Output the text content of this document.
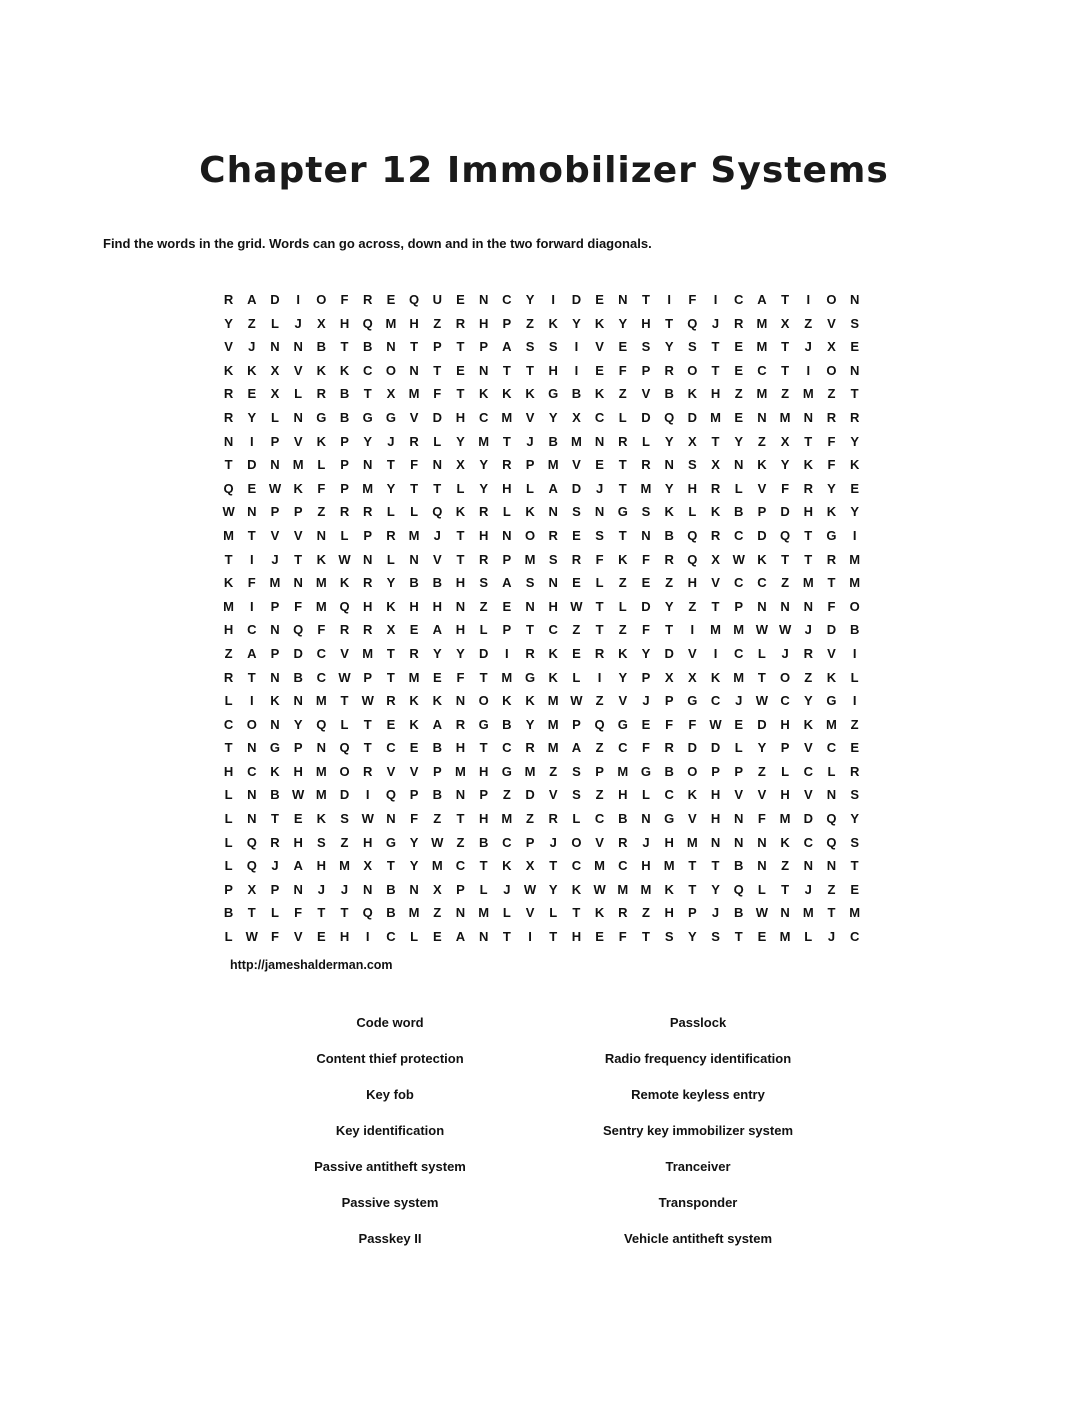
Chapter 12 Immobilizer Systems

Find the words in the grid. Words can go across, down and in the two forward diagonals.

R A D I O F R E Q U E N C Y I D E N T I F I C A T I O N
Y Z L J X H Q M H Z R H P Z K Y K Y H T Q J R M X Z V S
V J N N B T B N T P T P A S S I V E S Y S T E M T J X E
K K X V K K C O N T E N T T H I E F P R O T E C T I O N
R E X L R B T X M F T K K K G B K Z V B K H Z M Z M Z T
R Y L N G B G G V D H C M V Y X C L D Q D M E N M N R R
N I P V K P Y J R L Y M T J B M N R L Y X T Y Z X T F Y
T D N M L P N T F N X Y R P M V E T R N S X N K Y K F K
Q E W K F P M Y T T L Y H L A D J T M Y H R L V F R Y E
W N P P Z R R L L Q K R L K N S N G S K L K B P D H K Y
M T V V N L P R M J T H N O R E S T N B Q R C D Q T G I
T I J T K W N L N V T R P M S R F K F R Q X W K T T R M
K F M N M K R Y B B H S A S N E L Z E Z H V C C Z M T M
M I P F M Q H K H H N Z E N H W T L D Y Z T P N N N F O
H C N Q F R R X E A H L P T C Z T Z F T I M M W W J D B
Z A P D C V M T R Y Y D I R K E R K Y D V I C L J R V I
R T N B C W P T M E F T M G K L I Y P X X K M T O Z K L
L I K N M T W R K K N O K K M W Z V J P G C J W C Y G I
C O N Y Q L T E K A R G B Y M P Q G E F F W E D H K M Z
T N G P N Q T C E B H T C R M A Z C F R D D L Y P V C E
H C K H M O R V V P M H G M Z S P M G B O P P Z L C L R
L N B W M D I Q P B N P Z D V S Z H L C K H V V H V N S
L N T E K S W N F Z T H M Z R L C B N G V H N F M D Q Y
L Q R H S Z H G Y W Z B C P J O V R J H M N N N K C Q S
L Q J A H M X T Y M C T K X T C M C H M T T B N Z N N T
P X P N J J N B N X P L J W Y K W M M K T Y Q L T J Z E
B T L F T T Q B M Z N M L V L T K R Z H P J B W N M T M
L W F V E H I C L E A N T I T H E F T S Y S T E M L J C
http://jameshalderman.com
Code word
Content thief protection
Key fob
Key identification
Passive antitheft system
Passive system
Passkey II
Passlock
Radio frequency identification
Remote keyless entry
Sentry key immobilizer system
Tranceiver
Transponder
Vehicle antitheft system
